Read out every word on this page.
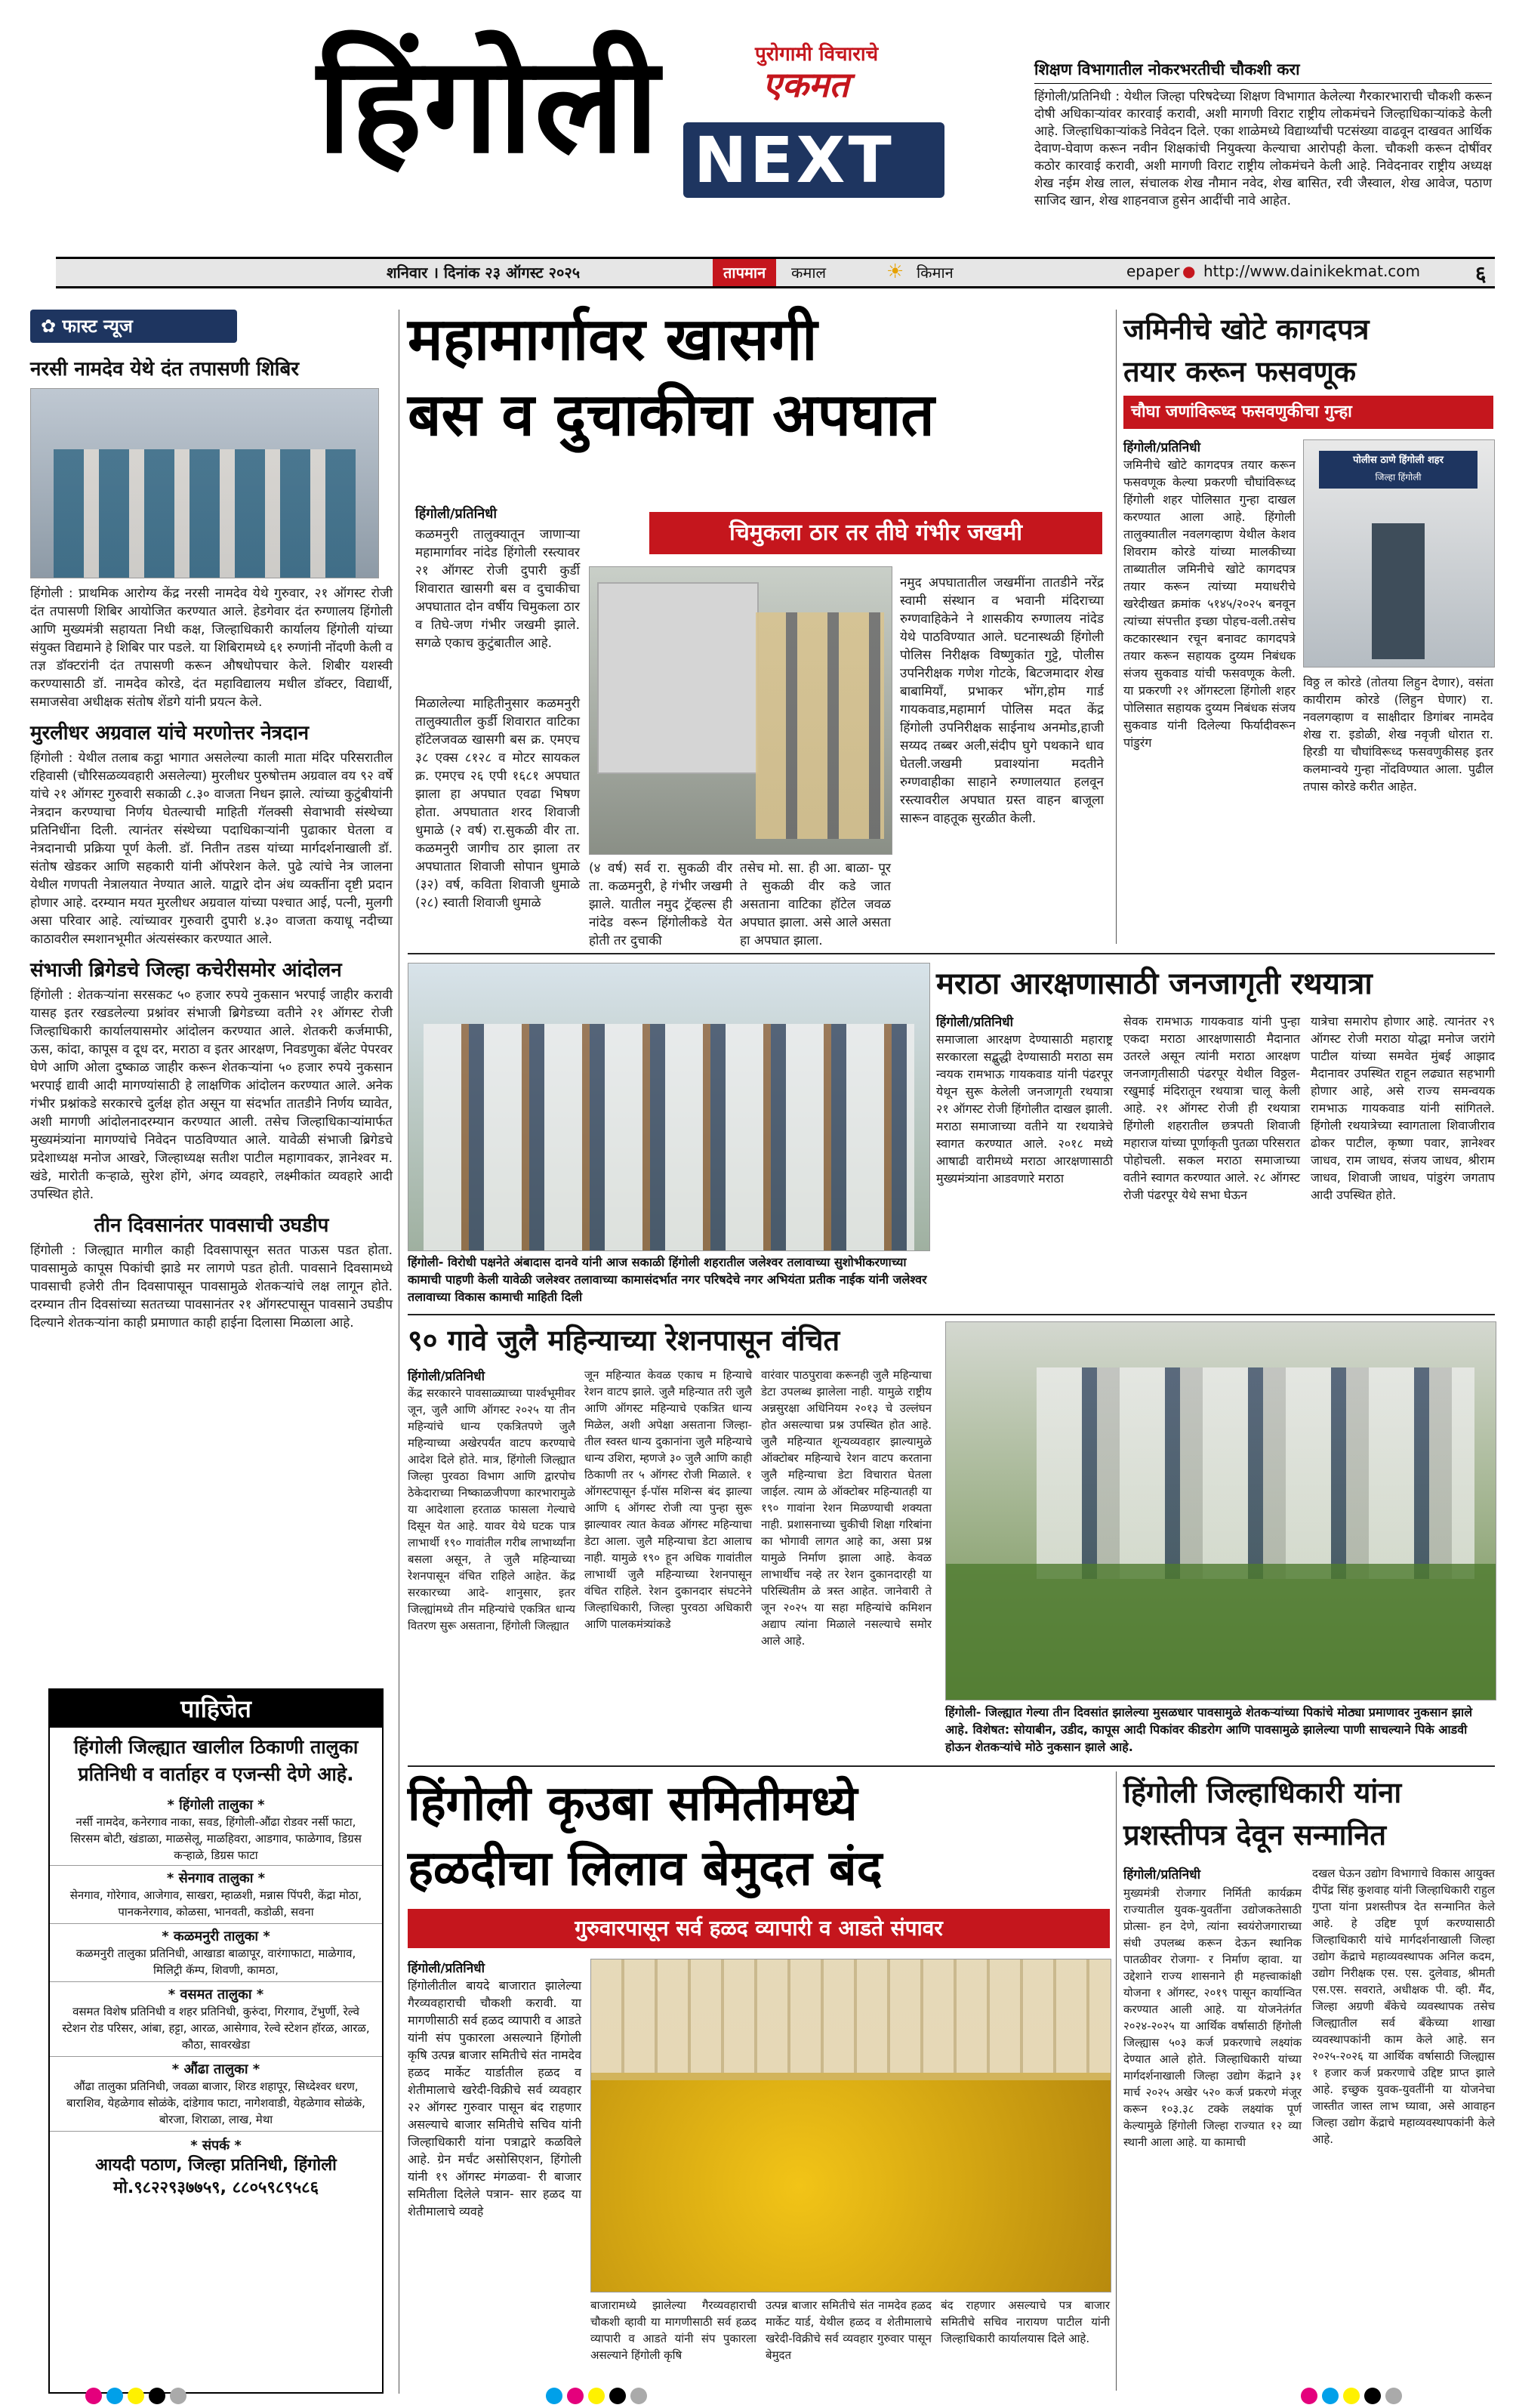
हिंगोली	पुरोगामी विचाराचे
एकमत
NEXT
शिक्षण विभागातील नोकरभरतीची चौकशी करा
हिंगोली/प्रतिनिधी : येथील जिल्हा परिषदेच्या शिक्षण विभागात केलेल्या गैरकारभाराची चौकशी करून दोषी अधिकाऱ्यांवर कारवाई करावी, अशी मागणी विराट राष्ट्रीय लोकमंचने जिल्हाधिकाऱ्यांकडे केली आहे. जिल्हाधिकाऱ्यांकडे निवेदन दिले. एका शाळेमध्ये विद्यार्थ्यांची पटसंख्या वाढवून दाखवत आर्थिक देवाण-घेवाण करून नवीन शिक्षकांची नियुक्त्या केल्याचा आरोपही केला. चौकशी करून दोषींवर कठोर कारवाई करावी, अशी मागणी विराट राष्ट्रीय लोकमंचने केली आहे. निवेदनावर राष्ट्रीय अध्यक्ष शेख नईम शेख लाल, संचालक शेख नौमान नवेद, शेख बासित, रवी जैस्वाल, शेख आवेज, पठाण साजिद खान, शेख शाहनवाज हुसेन आदींची नावे आहेत.
शनिवार । दिनांक २३ ऑगस्ट २०२५	तापमान	कमाल	☀ किमान	epaper ● http://www.dainikekmat.com	६
✿ फास्ट न्यूज
नरसी नामदेव येथे दंत तपासणी शिबिर
हिंगोली : प्राथमिक आरोग्य केंद्र नरसी नामदेव येथे गुरुवार, २१ ऑगस्ट रोजी दंत तपासणी शिबिर आयोजित करण्यात आले. हेडगेवार दंत रुग्णालय हिंगोली आणि मुख्यमंत्री सहायता निधी कक्ष, जिल्हाधिकारी कार्यालय हिंगोली यांच्या संयुक्त विद्यमाने हे शिबिर पार पडले. या शिबिरामध्ये ६१ रुग्णांनी नोंदणी केली व तज्ञ डॉक्टरांनी दंत तपासणी करून औषधोपचार केले. शिबीर यशस्वी करण्यासाठी डॉ. नामदेव कोरडे, दंत महाविद्यालय मधील डॉक्टर, विद्यार्थी, समाजसेवा अधीक्षक संतोष शेंडगे यांनी प्रयत्न केले.
मुरलीधर अग्रवाल यांचे मरणोत्तर नेत्रदान
हिंगोली : येथील तलाब कट्ठा भागात असलेल्या काली माता मंदिर परिसरातील रहिवासी (चौरिसळव्यवहारी असलेल्या) मुरलीधर पुरुषोत्तम अग्रवाल वय ९२ वर्षे यांचे २१ ऑगस्ट गुरुवारी सकाळी ८.३० वाजता निधन झाले. त्यांच्या कुटुंबीयांनी नेत्रदान करण्याचा निर्णय घेतल्याची माहिती गॅलक्सी सेवाभावी संस्थेच्या प्रतिनिधींना दिली. त्यानंतर संस्थेच्या पदाधिकाऱ्यांनी पुढाकार घेतला व नेत्रदानाची प्रक्रिया पूर्ण केली. डॉ. नितीन तडस यांच्या मार्गदर्शनाखाली डॉ. संतोष खेडकर आणि सहकारी यांनी ऑपरेशन केले. पुढे त्यांचे नेत्र जालना येथील गणपती नेत्रालयात नेण्यात आले. याद्वारे दोन अंध व्यक्तींना दृष्टी प्रदान होणार आहे. दरम्यान मयत मुरलीधर अग्रवाल यांच्या पश्चात आई, पत्नी, मुलगी असा परिवार आहे. त्यांच्यावर गुरुवारी दुपारी ४.३० वाजता कयाधू नदीच्या काठावरील स्मशानभूमीत अंत्यसंस्कार करण्यात आले.
संभाजी ब्रिगेडचे जिल्हा कचेरीसमोर आंदोलन
हिंगोली : शेतकऱ्यांना सरसकट ५० हजार रुपये नुकसान भरपाई जाहीर करावी यासह इतर रखडलेल्या प्रश्नांवर संभाजी ब्रिगेडच्या वतीने २१ ऑगस्ट रोजी जिल्हाधिकारी कार्यालयासमोर आंदोलन करण्यात आले. शेतकरी कर्जमाफी, ऊस, कांदा, कापूस व दूध दर, मराठा व इतर आरक्षण, निवडणुका बॅलेट पेपरवर घेणे आणि ओला दुष्काळ जाहीर करून शेतकऱ्यांना ५० हजार रुपये नुकसान भरपाई द्यावी आदी मागण्यांसाठी हे लाक्षणिक आंदोलन करण्यात आले. अनेक गंभीर प्रश्नांकडे सरकारचे दुर्लक्ष होत असून या संदर्भात तातडीने निर्णय घ्यावेत, अशी मागणी आंदोलनादरम्यान करण्यात आली. तसेच जिल्हाधिकाऱ्यांमार्फत मुख्यमंत्र्यांना मागण्यांचे निवेदन पाठविण्यात आले. यावेळी संभाजी ब्रिगेडचे प्रदेशाध्यक्ष मनोज आखरे, जिल्हाध्यक्ष सतीश पाटील महागावकर, ज्ञानेश्वर म. खंडे, मारोती कऱ्हाळे, सुरेश होंगे, अंगद व्यवहारे, लक्ष्मीकांत व्यवहारे आदी उपस्थित होते.
तीन दिवसानंतर पावसाची उघडीप
हिंगोली : जिल्ह्यात मागील काही दिवसापासून सतत पाऊस पडत होता. पावसामुळे कापूस पिकांची झाडे मर लागणे पडत होती. पावसाने दिवसामध्ये पावसाची हजेरी तीन दिवसापासून पावसामुळे शेतकऱ्यांचे लक्ष लागून होते. दरम्यान तीन दिवसांच्या सततच्या पावसानंतर २१ ऑगस्टपासून पावसाने उघडीप दिल्याने शेतकऱ्यांना काही प्रमाणात काही हाईना दिलासा मिळाला आहे.
पाहिजेत
हिंगोली जिल्ह्यात खालील ठिकाणी तालुका प्रतिनिधी व वार्ताहर व एजन्सी देणे आहे.
* हिंगोली तालुका *
नर्सी नामदेव, कनेरगाव नाका, सवड, हिंगोली-औंढा रोडवर नर्सी फाटा, सिरसम बोटी, खंडाळा, माळसेलू, माळहिवरा, आडगाव, फाळेगाव, डिग्रस कऱ्हाळे, डिग्रस फाटा
* सेनगाव तालुका *
सेनगाव, गोरेगाव, आजेगाव, साखरा, म्हाळशी, मन्नास पिंपरी, केंद्रा मोठा, पानकनेरगाव, कोळसा, भानवती, कडोळी, सवना
* कळमनुरी तालुका *
कळमनुरी तालुका प्रतिनिधी, आखाडा बाळापूर, वारंगाफाटा, माळेगाव, मिलिट्री कॅम्प, शिवणी, कामठा,
* वसमत तालुका *
वसमत विशेष प्रतिनिधी व शहर प्रतिनिधी, कुरुंदा, गिरगाव, टेंभुर्णी, रेल्वे स्टेशन रोड परिसर, आंबा, हट्टा, आरळ, आसेगाव, रेल्वे स्टेशन हॉरळ, आरळ, कौठा, सावरखेडा
* औंढा तालुका *
औंढा तालुका प्रतिनिधी, जवळा बाजार, शिरड शहापूर, सिध्देश्वर धरण, बाराशिव, येहळेगाव सोळंके, दांडेगाव फाटा, नागेशवाडी, येहळेगाव सोळंके, बोरजा, शिराळा, लाख, मेथा
* संपर्क *
आयदी पठाण, जिल्हा प्रतिनिधी, हिंगोली
मो.९८२२९३७७५९, ८८०५९८९५८६
महामार्गावर खासगी
बस व दुचाकीचा अपघात
चिमुकला ठार तर तीघे गंभीर जखमी
हिंगोली/प्रतिनिधी
कळमनुरी तालुक्यातून जाणाऱ्या महामार्गावर नांदेड हिंगोली रस्त्यावर २१ ऑगस्ट रोजी दुपारी कुर्डी शिवारात खासगी बस व दुचाकीचा अपघातात दोन वर्षीय चिमुकला ठार व तिघे-जण गंभीर जखमी झाले. सगळे एकाच कुटुंबातील आहे.
मिळालेल्या माहितीनुसार कळमनुरी तालुक्यातील कुर्डी शिवारात वाटिका हॉटेलजवळ खासगी बस क्र. एमएच ३८ एक्स ८१२८ व मोटर सायकल क्र. एमएच २६ एपी १६८१ अपघात झाला हा अपघात एवढा भिषण होता. अपघातात शरद शिवाजी धुमाळे (२ वर्ष) रा.सुकळी वीर ता. कळमनुरी जागीच ठार झाला तर अपघातात शिवाजी सोपान धुमाळे (३२) वर्ष, कविता शिवाजी धुमाळे (२८) स्वाती शिवाजी धुमाळे
(४ वर्ष) सर्व रा. सुकळी वीर ता. कळमनुरी, हे गंभीर जखमी झाले. यातील नमुद ट्रॅव्हल्स ही नांदेड वरून हिंगोलीकडे येत होती तर दुचाकी
तसेच मो. सा. ही आ. बाळा- पूर ते सुकळी वीर कडे जात असताना वाटिका हॉटेल जवळ अपघात झाला. असे आले असता हा अपघात झाला.
नमुद अपघातातील जखमींना तातडीने नरेंद्र स्वामी संस्थान व भवानी मंदिराच्या रुग्णवाहिकेने ने शासकीय रुग्णालय नांदेड येथे पाठविण्यात आले. घटनास्थळी हिंगोली पोलिस निरीक्षक विष्णुकांत गुट्टे, पोलीस उपनिरीक्षक गणेश गोटके, बिटजमादार शेख बाबामियाँ, प्रभाकर भोंग,होम गार्ड गायकवाड,महामार्ग पोलिस मदत केंद्र हिंगोली उपनिरीक्षक साईनाथ अनमोड,हाजी सय्यद तब्बर अली,संदीप घुगे पथकाने धाव घेतली.जखमी प्रवाश्यांना मदतीने रुग्णवाहीका साहाने रुग्णालयात हलवून रस्त्यावरील अपघात ग्रस्त वाहन बाजूला सारून वाहतूक सुरळीत केली.
जमिनीचे खोटे कागदपत्र
तयार करून फसवणूक
चौघा जणांविरूध्द फसवणुकीचा गुन्हा
हिंगोली/प्रतिनिधी
जमिनीचे खोटे कागदपत्र तयार करून फसवणूक केल्या प्रकरणी चौघांविरूध्द हिंगोली शहर पोलिसात गुन्हा दाखल करण्यात आला आहे. हिंगोली तालुक्यातील नवलगव्हाण येथील केशव शिवराम कोरडे यांच्या मालकीच्या ताब्यातील जमिनीचे खोटे कागदपत्र तयार करून त्यांच्या मयाधरीचे खरेदीखत क्रमांक ५१४५/२०२५ बनवून त्यांच्या संपत्तीत इच्छा पोहच-वली.तसेच कटकारस्थान रचून बनावट कागदपत्रे तयार करून सहायक दुय्यम निबंधक संजय सुकवाड यांची फसवणूक केली. या प्रकरणी २१ ऑगस्टला हिंगोली शहर पोलिसात सहायक दुय्यम निबंधक संजय सुकवाड यांनी दिलेल्या फिर्यादीवरून पांडुरंग
पोलीस ठाणे हिंगोली शहर
जिल्हा हिंगोली
विठ्ठ ल कोरडे (तोतया लिहुन देणार), वसंता कायीराम कोरडे (लिहुन घेणार) रा. नवलगव्हाण व साक्षीदार डिगांबर नामदेव शेख रा. इडोळी, शेख नवृजी धोरात रा. हिरडी या चौघांविरूध्द फसवणुकीसह इतर कलमान्वये गुन्हा नोंदविण्यात आला. पुढील तपास कोरडे करीत आहेत.
हिंगोली- विरोधी पक्षनेते अंबादास दानवे यांनी आज सकाळी हिंगोली शहरातील जलेश्वर तलावाच्या सुशोभीकरणाच्या कामाची पाहणी केली यावेळी जलेश्वर तलावाच्या कामासंदर्भात नगर परिषदेचे नगर अभियंता प्रतीक नाईक यांनी जलेश्वर तलावाच्या विकास कामाची माहिती दिली
मराठा आरक्षणासाठी जनजागृती रथयात्रा
हिंगोली/प्रतिनिधी
समाजाला आरक्षण देण्यासाठी महाराष्ट्र सरकारला सद्बुद्धी देण्यासाठी मराठा सम न्वयक रामभाऊ गायकवाड यांनी पंढरपूर येथून सुरू केलेली जनजागृती रथयात्रा २१ ऑगस्ट रोजी हिंगोलीत दाखल झाली. मराठा समाजाच्या वतीने या रथयात्रेचे स्वागत करण्यात आले. २०१८ मध्ये आषाढी वारीमध्ये मराठा आरक्षणासाठी मुख्यमंत्र्यांना आडवणारे मराठा
सेवक रामभाऊ गायकवाड यांनी पुन्हा एकदा मराठा आरक्षणासाठी मैदानात उतरले असून त्यांनी मराठा आरक्षण जनजागृतीसाठी पंढरपूर येथील विठ्ठल-रखुमाई मंदिरातून रथयात्रा चालू केली आहे. २१ ऑगस्ट रोजी ही रथयात्रा हिंगोली शहरातील छत्रपती शिवाजी महाराज यांच्या पूर्णाकृती पुतळा परिसरात पोहोचली. सकल मराठा समाजाच्या वतीने स्वागत करण्यात आले. २८ ऑगस्ट रोजी पंढरपूर येथे सभा घेऊन
यात्रेचा समारोप होणार आहे. त्यानंतर २९ ऑगस्ट रोजी मराठा योद्धा मनोज जरांगे पाटील यांच्या समवेत मुंबई आझाद मैदानावर उपस्थित राहून लढ्यात सहभागी होणार आहे, असे राज्य समन्वयक रामभाऊ गायकवाड यांनी सांगितले. हिंगोली रथयात्रेच्या स्वागताला शिवाजीराव ढोकर पाटील, कृष्णा पवार, ज्ञानेश्वर जाधव, राम जाधव, संजय जाधव, श्रीराम जाधव, शिवाजी जाधव, पांडुरंग जगताप आदी उपस्थित होते.
९० गावे जुलै महिन्याच्या रेशनपासून वंचित
हिंगोली/प्रतिनिधी
केंद्र सरकारने पावसाळ्याच्या पार्श्वभूमीवर जून, जुलै आणि ऑगस्ट २०२५ या तीन महिन्यांचे धान्य एकत्रितपणे जुलै महिन्याच्या अखेरपर्यंत वाटप करण्याचे आदेश दिले होते. मात्र, हिंगोली जिल्ह्यात जिल्हा पुरवठा विभाग आणि द्वारपोच ठेकेदाराच्या निष्काळजीपणा कारभारामुळे या आदेशाला हरताळ फासला गेल्याचे दिसून येत आहे. यावर येथे घटक पात्र लाभार्थी १९० गावांतील गरीब लाभार्थ्यांना बसला असून, ते जुलै महिन्याच्या रेशनपासून वंचित राहिले आहेत. केंद्र सरकारच्या आदे- शानुसार, इतर जिल्ह्यांमध्ये तीन महिन्यांचे एकत्रित धान्य वितरण सुरू असताना, हिंगोली जिल्ह्यात
जून महिन्यात केवळ एकाच म हिन्याचे रेशन वाटप झाले. जुलै महिन्यात तरी जुलै आणि ऑगस्ट महिन्याचे एकत्रित धान्य मिळेल, अशी अपेक्षा असताना जिल्हा- तील स्वस्त धान्य दुकानांना जुलै महिन्याचे धान्य उशिरा, म्हणजे ३० जुलै आणि काही ठिकाणी तर ५ ऑगस्ट रोजी मिळाले. १ ऑगस्टपासून ई-पॉस मशिन्स बंद झाल्या आणि ६ ऑगस्ट रोजी त्या पुन्हा सुरू झाल्यावर त्यात केवळ ऑगस्ट महिन्याचा डेटा आला. जुलै महिन्याचा डेटा आलाच नाही. यामुळे १९० हून अधिक गावांतील लाभार्थी जुलै महिन्याच्या रेशनपासून वंचित राहिले. रेशन दुकानदार संघटनेने जिल्हाधिकारी, जिल्हा पुरवठा अधिकारी आणि पालकमंत्र्यांकडे
वारंवार पाठपुरावा करूनही जुलै महिन्याचा डेटा उपलब्ध झालेला नाही. यामुळे राष्ट्रीय अन्नसुरक्षा अधिनियम २०१३ चे उल्लंघन होत असल्याचा प्रश्न उपस्थित होत आहे. जुलै महिन्यात शून्यव्यवहार झाल्यामुळे ऑक्टोबर महिन्याचे रेशन वाटप करताना जुलै महिन्याचा डेटा विचारात घेतला जाईल. त्याम ळे ऑक्टोबर महिन्यातही या १९० गावांना रेशन मिळण्याची शक्यता नाही. प्रशासनाच्या चुकीची शिक्षा गरिबांना का भोगावी लागत आहे का, असा प्रश्न यामुळे निर्माण झाला आहे. केवळ लाभार्थीच नव्हे तर रेशन दुकानदारही या परिस्थितीम ळे त्रस्त आहेत. जानेवारी ते जून २०२५ या सहा महिन्यांचे कमिशन अद्याप त्यांना मिळाले नसल्याचे समोर आले आहे.
हिंगोली- जिल्ह्यात गेल्या तीन दिवसांत झालेल्या मुसळधार पावसामुळे शेतकऱ्यांच्या पिकांचे मोठ्या प्रमाणावर नुकसान झाले आहे. विशेषत: सोयाबीन, उडीद, कापूस आदी पिकांवर कीडरोग आणि पावसामुळे झालेल्या पाणी साचल्याने पिके आडवी होऊन शेतकऱ्यांचे मोठे नुकसान झाले आहे.
हिंगोली कृउबा समितीमध्ये
हळदीचा लिलाव बेमुदत बंद
गुरुवारपासून सर्व हळद व्यापारी व आडते संपावर
हिंगोली/प्रतिनिधी
हिंगोलीतील बायदे बाजारात झालेल्या गैरव्यवहाराची चौकशी करावी. या मागणीसाठी सर्व हळद व्यापारी व आडते यांनी संप पुकारला असल्याने हिंगोली कृषि उत्पन्न बाजार समितीचे संत नामदेव हळद मार्केट यार्डातील हळद व शेतीमालाचे खरेदी-विक्रीचे सर्व व्यवहार २२ ऑगस्ट गुरुवार पासून बंद राहणार असल्याचे बाजार समितीचे सचिव यांनी जिल्हाधिकारी यांना पत्राद्वारे कळविले आहे. ग्रेन मर्चंट असोसिएशन, हिंगोली यांनी १९ ऑगस्ट मंगळवा- री बाजार समितीला दिलेले पत्रान- सार हळद या शेतीमालाचे व्यवहे
बाजारामध्ये झालेल्या गैरव्यवहाराची चौकशी व्हावी या मागणीसाठी सर्व हळद व्यापारी व आडते यांनी संप पुकारला असल्याने हिंगोली कृषि
उत्पन्न बाजार समितीचे संत नामदेव हळद मार्केट यार्ड, येथील हळद व शेतीमालाचे खरेदी-विक्रीचे सर्व व्यवहार गुरुवार पासून बेमुदत
बंद राहणार असल्याचे पत्र बाजार समितीचे सचिव नारायण पाटील यांनी जिल्हाधिकारी कार्यालयास दिले आहे.
हिंगोली जिल्हाधिकारी यांना
प्रशस्तीपत्र देवून सन्मानित
हिंगोली/प्रतिनिधी
मुख्यमंत्री रोजगार निर्मिती कार्यक्रम राज्यातील युवक-युवतींना उद्योजकतेसाठी प्रोत्सा- हन देणे, त्यांना स्वयंरोजगाराच्या संधी उपलब्ध करून देऊन स्थानिक पातळीवर रोजगा- र निर्माण व्हावा. या उद्देशाने राज्य शासनाने ही महत्त्वाकांक्षी योजना १ ऑगस्ट, २०१९ पासून कार्यान्वित करण्यात आली आहे. या योजनेतंर्गत २०२४-२०२५ या आर्थिक वर्षासाठी हिंगोली जिल्ह्यास ५०३ कर्ज प्रकरणाचे लक्ष्यांक देण्यात आले होते. जिल्हाधिकारी यांच्या मार्गदर्शनाखाली जिल्हा उद्योग केंद्राने ३१ मार्च २०२५ अखेर ५२० कर्ज प्रकरणे मंजूर करून १०३.३८ टक्के लक्ष्यांक पूर्ण केल्यामुळे हिंगोली जिल्हा राज्यात १२ व्या स्थानी आला आहे. या कामाची
दखल घेऊन उद्योग विभागाचे विकास आयुक्त दीपेंद्र सिंह कुशवाह यांनी जिल्हाधिकारी राहुल गुप्ता यांना प्रशस्तीपत्र देत सन्मानित केले आहे. हे उद्दिष्ट पूर्ण करण्यासाठी जिल्हाधिकारी यांचे मार्गदर्शनाखाली जिल्हा उद्योग केंद्राचे महाव्यवस्थापक अनिल कदम, उद्योग निरीक्षक एस. एस. दुलेवाड, श्रीमती एस.एस. सवराते, अधीक्षक पी. व्ही. मैंद, जिल्हा अग्रणी बँकेचे व्यवस्थापक तसेच जिल्ह्यातील सर्व बँकेच्या शाखा व्यवस्थापकांनी काम केले आहे. सन २०२५-२०२६ या आर्थिक वर्षासाठी जिल्ह्यास १ हजार कर्ज प्रकरणाचे उद्दिष्ट प्राप्त झाले आहे. इच्छुक युवक-युवतींनी या योजनेचा जास्तीत जास्त लाभ घ्यावा, असे आवाहन जिल्हा उद्योग केंद्राचे महाव्यवस्थापकांनी केले आहे.
